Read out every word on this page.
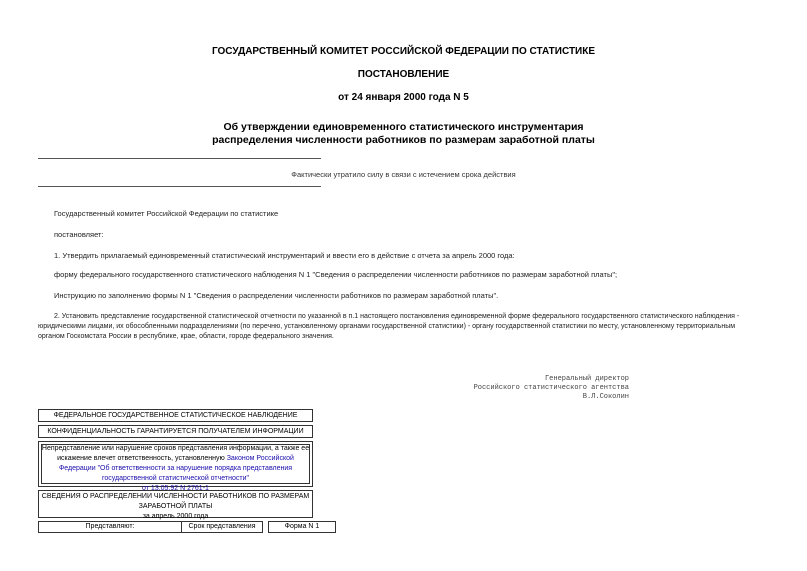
ГОСУДАРСТВЕННЫЙ КОМИТЕТ РОССИЙСКОЙ ФЕДЕРАЦИИ ПО СТАТИСТИКЕ
ПОСТАНОВЛЕНИЕ
от 24 января 2000 года N 5
Об утверждении единовременного статистического инструментария
распределения численности работников по размерам заработной платы
Фактически утратило силу в связи с истечением срока действия
Государственный комитет Российской Федерации по статистике
постановляет:
1. Утвердить прилагаемый единовременный статистический инструментарий и ввести его в действие с отчета за апрель 2000 года:
форму федерального государственного статистического наблюдения N 1 "Сведения о распределении численности работников по размерам заработной платы";
Инструкцию по заполнению формы N 1 "Сведения о распределении численности работников по размерам заработной платы".
2. Установить представление государственной статистической отчетности по указанной в п.1 настоящего постановления единовременной форме федерального государственного статистического наблюдения -
юридическими лицами, их обособленными подразделениями (по перечню, установленному органами государственной статистики) - органу государственной статистики по месту, установленному территориальным
органом Госкомстата России в республике, крае, области, городе федерального значения.
Генеральный директор
Российского статистического агентства
В.Л.Соколин
ФЕДЕРАЛЬНОЕ ГОСУДАРСТВЕННОЕ СТАТИСТИЧЕСКОЕ НАБЛЮДЕНИЕ
КОНФИДЕНЦИАЛЬНОСТЬ ГАРАНТИРУЕТСЯ ПОЛУЧАТЕЛЕМ ИНФОРМАЦИИ
Непредставление или нарушение сроков представления информации, а также ее
искажение влечет ответственность, установленную Законом Российской
Федерации "Об ответственности за нарушение порядка представления
государственной статистической отчетности"
от 13.05.92 N 2761-1
СВЕДЕНИЯ О РАСПРЕДЕЛЕНИИ ЧИСЛЕННОСТИ РАБОТНИКОВ ПО РАЗМЕРАМ
ЗАРАБОТНОЙ ПЛАТЫ
за апрель 2000 года
Представляют:	Срок представления	Форма N 1
